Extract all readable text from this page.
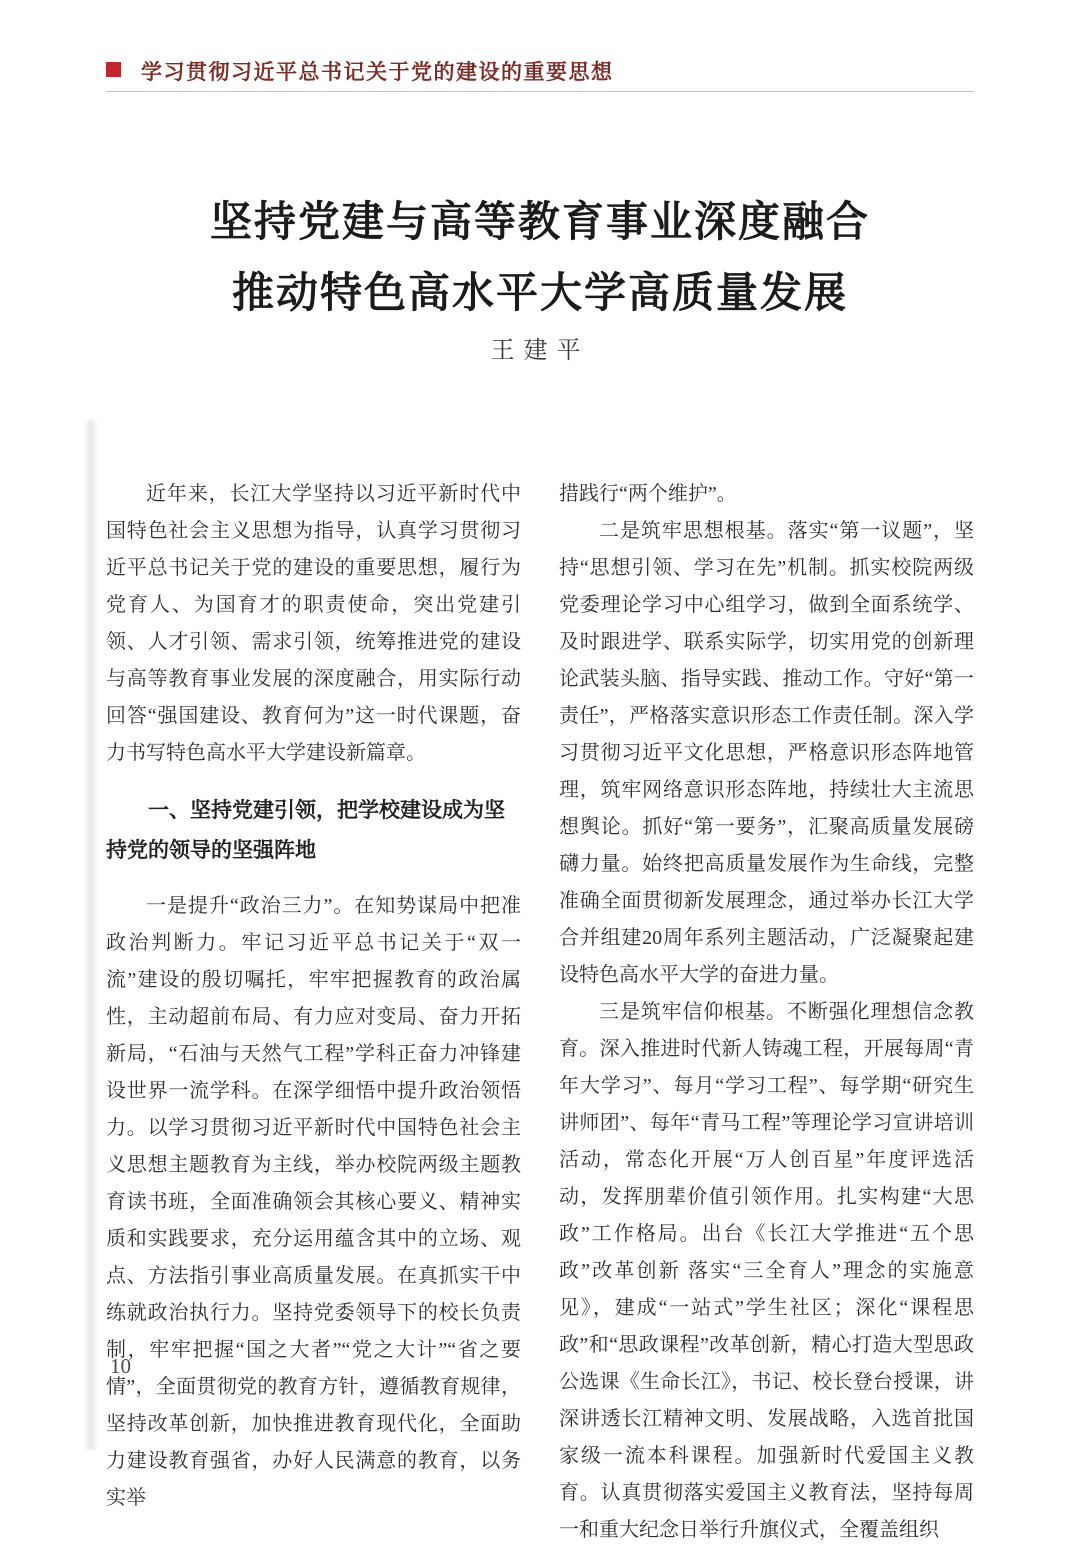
学习贯彻习近平总书记关于党的建设的重要思想
坚持党建与高等教育事业深度融合
推动特色高水平大学高质量发展
王建平

近年来，长江大学坚持以习近平新时代中国特色社会主义思想为指导，认真学习贯彻习近平总书记关于党的建设的重要思想，履行为党育人、为国育才的职责使命，突出党建引领、人才引领、需求引领，统筹推进党的建设与高等教育事业发展的深度融合，用实际行动回答“强国建设、教育何为”这一时代课题，奋力书写特色高水平大学建设新篇章。

一、坚持党建引领，把学校建设成为坚持党的领导的坚强阵地

一是提升“政治三力”。在知势谋局中把准政治判断力。牢记习近平总书记关于“双一流”建设的殷切嘱托，牢牢把握教育的政治属性，主动超前布局、有力应对变局、奋力开拓新局，“石油与天然气工程”学科正奋力冲锋建设世界一流学科。在深学细悟中提升政治领悟力。以学习贯彻习近平新时代中国特色社会主义思想主题教育为主线，举办校院两级主题教育读书班，全面准确领会其核心要义、精神实质和实践要求，充分运用蕴含其中的立场、观点、方法指引事业高质量发展。在真抓实干中练就政治执行力。坚持党委领导下的校长负责制，牢牢把握“国之大者”“党之大计”“省之要情”，全面贯彻党的教育方针，遵循教育规律，坚持改革创新，加快推进教育现代化，全面助力建设教育强省，办好人民满意的教育，以务实举

措践行“两个维护”。

二是筑牢思想根基。落实“第一议题”，坚持“思想引领、学习在先”机制。抓实校院两级党委理论学习中心组学习，做到全面系统学、及时跟进学、联系实际学，切实用党的创新理论武装头脑、指导实践、推动工作。守好“第一责任”，严格落实意识形态工作责任制。深入学习贯彻习近平文化思想，严格意识形态阵地管理，筑牢网络意识形态阵地，持续壮大主流思想舆论。抓好“第一要务”，汇聚高质量发展磅礴力量。始终把高质量发展作为生命线，完整准确全面贯彻新发展理念，通过举办长江大学合并组建20周年系列主题活动，广泛凝聚起建设特色高水平大学的奋进力量。

三是筑牢信仰根基。不断强化理想信念教育。深入推进时代新人铸魂工程，开展每周“青年大学习”、每月“学习工程”、每学期“研究生讲师团”、每年“青马工程”等理论学习宣讲培训活动，常态化开展“万人创百星”年度评选活动，发挥朋辈价值引领作用。扎实构建“大思政”工作格局。出台《长江大学推进“五个思政”改革创新 落实“三全育人”理念的实施意见》，建成“一站式”学生社区；深化“课程思政”和“思政课程”改革创新，精心打造大型思政公选课《生命长江》，书记、校长登台授课，讲深讲透长江精神文明、发展战略，入选首批国家级一流本科课程。加强新时代爱国主义教育。认真贯彻落实爱国主义教育法，坚持每周一和重大纪念日举行升旗仪式，全覆盖组织

10
